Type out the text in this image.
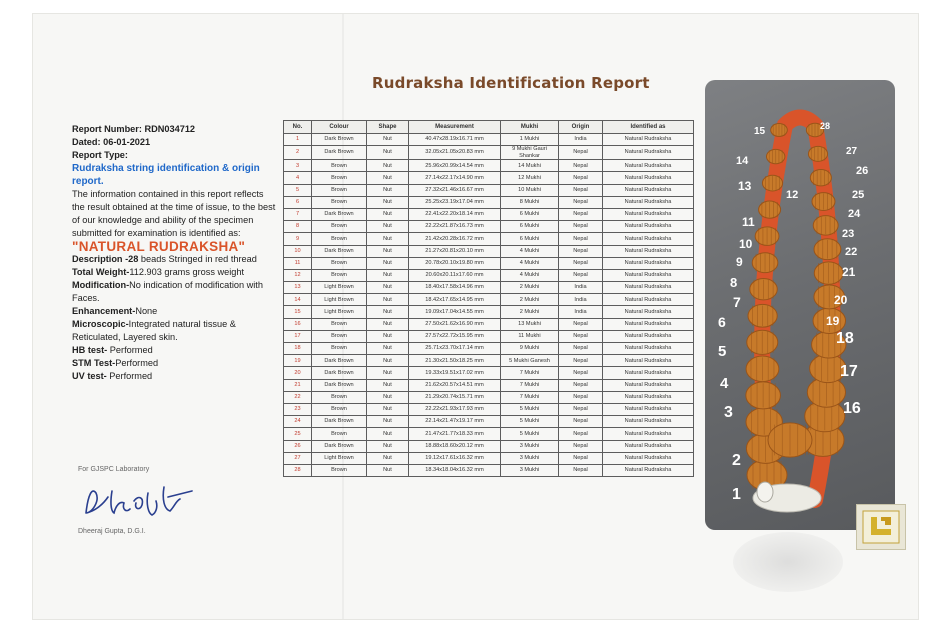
Rudraksha Identification Report
Report Number: RDN034712
Dated: 06-01-2021
Report Type:
Rudraksha string identification & origin report.
The information contained in this report reflects the result obtained at the time of issue, to the best of our knowledge and ability of the specimen submitted for examination is identified as:
"NATURAL RUDRAKSHA"
Description -28 beads Stringed in red thread
Total Weight-112.903 grams gross weight
Modification-No indication of modification with Faces.
Enhancement-None
Microscopic-Integrated natural tissue & Reticulated, Layered skin.
HB test- Performed
STM Test-Performed
UV test- Performed
For GJSPC Laboratory
Dheeraj Gupta, D.G.I.
No.	Colour	Shape	Measurement	Mukhi	Origin	Identified as
1	Dark Brown	Nut	40.47x28.19x16.71 mm	1 Mukhi	India	Natural Rudraksha
2	Dark Brown	Nut	32.05x21.05x20.83 mm	9 Mukhi Gauri Shankar	Nepal	Natural Rudraksha
3	Brown	Nut	25.96x20.99x14.54 mm	14 Mukhi	Nepal	Natural Rudraksha
4	Brown	Nut	27.14x22.17x14.90 mm	12 Mukhi	Nepal	Natural Rudraksha
5	Brown	Nut	27.32x21.46x16.67 mm	10 Mukhi	Nepal	Natural Rudraksha
6	Brown	Nut	25.25x23.19x17.04 mm	8 Mukhi	Nepal	Natural Rudraksha
7	Dark Brown	Nut	22.41x22.20x18.14 mm	6 Mukhi	Nepal	Natural Rudraksha
8	Brown	Nut	22.22x21.87x16.73 mm	6 Mukhi	Nepal	Natural Rudraksha
9	Brown	Nut	21.42x20.28x16.72 mm	6 Mukhi	Nepal	Natural Rudraksha
10	Dark Brown	Nut	21.27x20.81x20.10 mm	4 Mukhi	Nepal	Natural Rudraksha
11	Brown	Nut	20.78x20.10x19.80 mm	4 Mukhi	Nepal	Natural Rudraksha
12	Brown	Nut	20.60x20.11x17.60 mm	4 Mukhi	Nepal	Natural Rudraksha
13	Light Brown	Nut	18.40x17.58x14.96 mm	2 Mukhi	India	Natural Rudraksha
14	Light Brown	Nut	18.42x17.65x14.95 mm	2 Mukhi	India	Natural Rudraksha
15	Light Brown	Nut	19.09x17.04x14.55 mm	2 Mukhi	India	Natural Rudraksha
16	Brown	Nut	27.50x21.62x16.90 mm	13 Mukhi	Nepal	Natural Rudraksha
17	Brown	Nut	27.57x22.72x15.95 mm	11 Mukhi	Nepal	Natural Rudraksha
18	Brown	Nut	25.71x23.70x17.14 mm	9 Mukhi	Nepal	Natural Rudraksha
19	Dark Brown	Nut	21.30x21.50x18.25 mm	5 Mukhi Ganesh	Nepal	Natural Rudraksha
20	Dark Brown	Nut	19.33x19.51x17.02 mm	7 Mukhi	Nepal	Natural Rudraksha
21	Dark Brown	Nut	21.62x20.57x14.51 mm	7 Mukhi	Nepal	Natural Rudraksha
22	Brown	Nut	21.29x20.74x15.71 mm	7 Mukhi	Nepal	Natural Rudraksha
23	Brown	Nut	22.22x21.93x17.93 mm	5 Mukhi	Nepal	Natural Rudraksha
24	Dark Brown	Nut	22.14x21.47x19.17 mm	5 Mukhi	Nepal	Natural Rudraksha
25	Brown	Nut	21.47x21.77x18.33 mm	5 Mukhi	Nepal	Natural Rudraksha
26	Dark Brown	Nut	18.88x18.60x20.12 mm	3 Mukhi	Nepal	Natural Rudraksha
27	Light Brown	Nut	19.12x17.61x16.32 mm	3 Mukhi	Nepal	Natural Rudraksha
28	Brown	Nut	18.34x18.04x16.32 mm	3 Mukhi	Nepal	Natural Rudraksha
1
2
3
4
5
6
7
8
9
10
11
12
13
14
15
16
17
18
19
20
21
22
23
24
25
26
27
28
